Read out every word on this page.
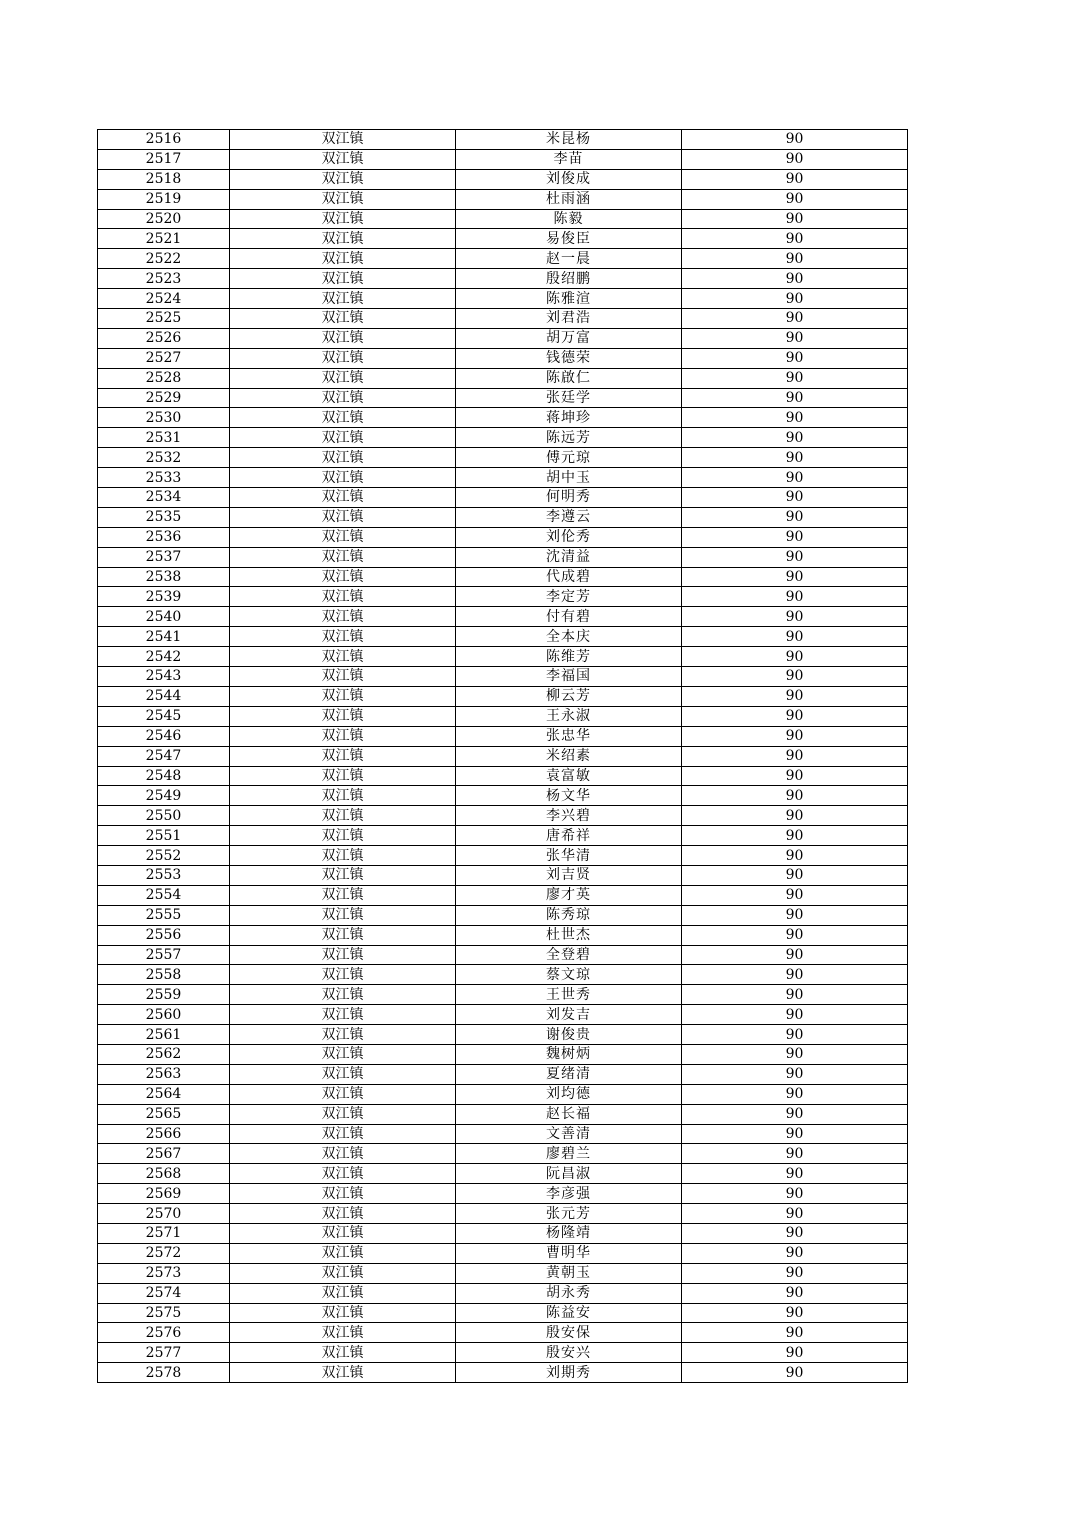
2516	双江镇	米昆杨	90
2517	双江镇	李苗	90
2518	双江镇	刘俊成	90
2519	双江镇	杜雨涵	90
2520	双江镇	陈毅	90
2521	双江镇	易俊臣	90
2522	双江镇	赵一晨	90
2523	双江镇	殷绍鹏	90
2524	双江镇	陈雅渲	90
2525	双江镇	刘君浩	90
2526	双江镇	胡万富	90
2527	双江镇	钱德荣	90
2528	双江镇	陈啟仁	90
2529	双江镇	张廷学	90
2530	双江镇	蒋坤珍	90
2531	双江镇	陈远芳	90
2532	双江镇	傅元琼	90
2533	双江镇	胡中玉	90
2534	双江镇	何明秀	90
2535	双江镇	李遵云	90
2536	双江镇	刘伦秀	90
2537	双江镇	沈清益	90
2538	双江镇	代成碧	90
2539	双江镇	李定芳	90
2540	双江镇	付有碧	90
2541	双江镇	全本庆	90
2542	双江镇	陈维芳	90
2543	双江镇	李福国	90
2544	双江镇	柳云芳	90
2545	双江镇	王永淑	90
2546	双江镇	张忠华	90
2547	双江镇	米绍素	90
2548	双江镇	袁富敏	90
2549	双江镇	杨文华	90
2550	双江镇	李兴碧	90
2551	双江镇	唐希祥	90
2552	双江镇	张华清	90
2553	双江镇	刘吉贤	90
2554	双江镇	廖才英	90
2555	双江镇	陈秀琼	90
2556	双江镇	杜世杰	90
2557	双江镇	全登碧	90
2558	双江镇	蔡文琼	90
2559	双江镇	王世秀	90
2560	双江镇	刘发吉	90
2561	双江镇	谢俊贵	90
2562	双江镇	魏树炳	90
2563	双江镇	夏绪清	90
2564	双江镇	刘均德	90
2565	双江镇	赵长福	90
2566	双江镇	文善清	90
2567	双江镇	廖碧兰	90
2568	双江镇	阮昌淑	90
2569	双江镇	李彦强	90
2570	双江镇	张元芳	90
2571	双江镇	杨隆靖	90
2572	双江镇	曹明华	90
2573	双江镇	黄朝玉	90
2574	双江镇	胡永秀	90
2575	双江镇	陈益安	90
2576	双江镇	殷安保	90
2577	双江镇	殷安兴	90
2578	双江镇	刘期秀	90
